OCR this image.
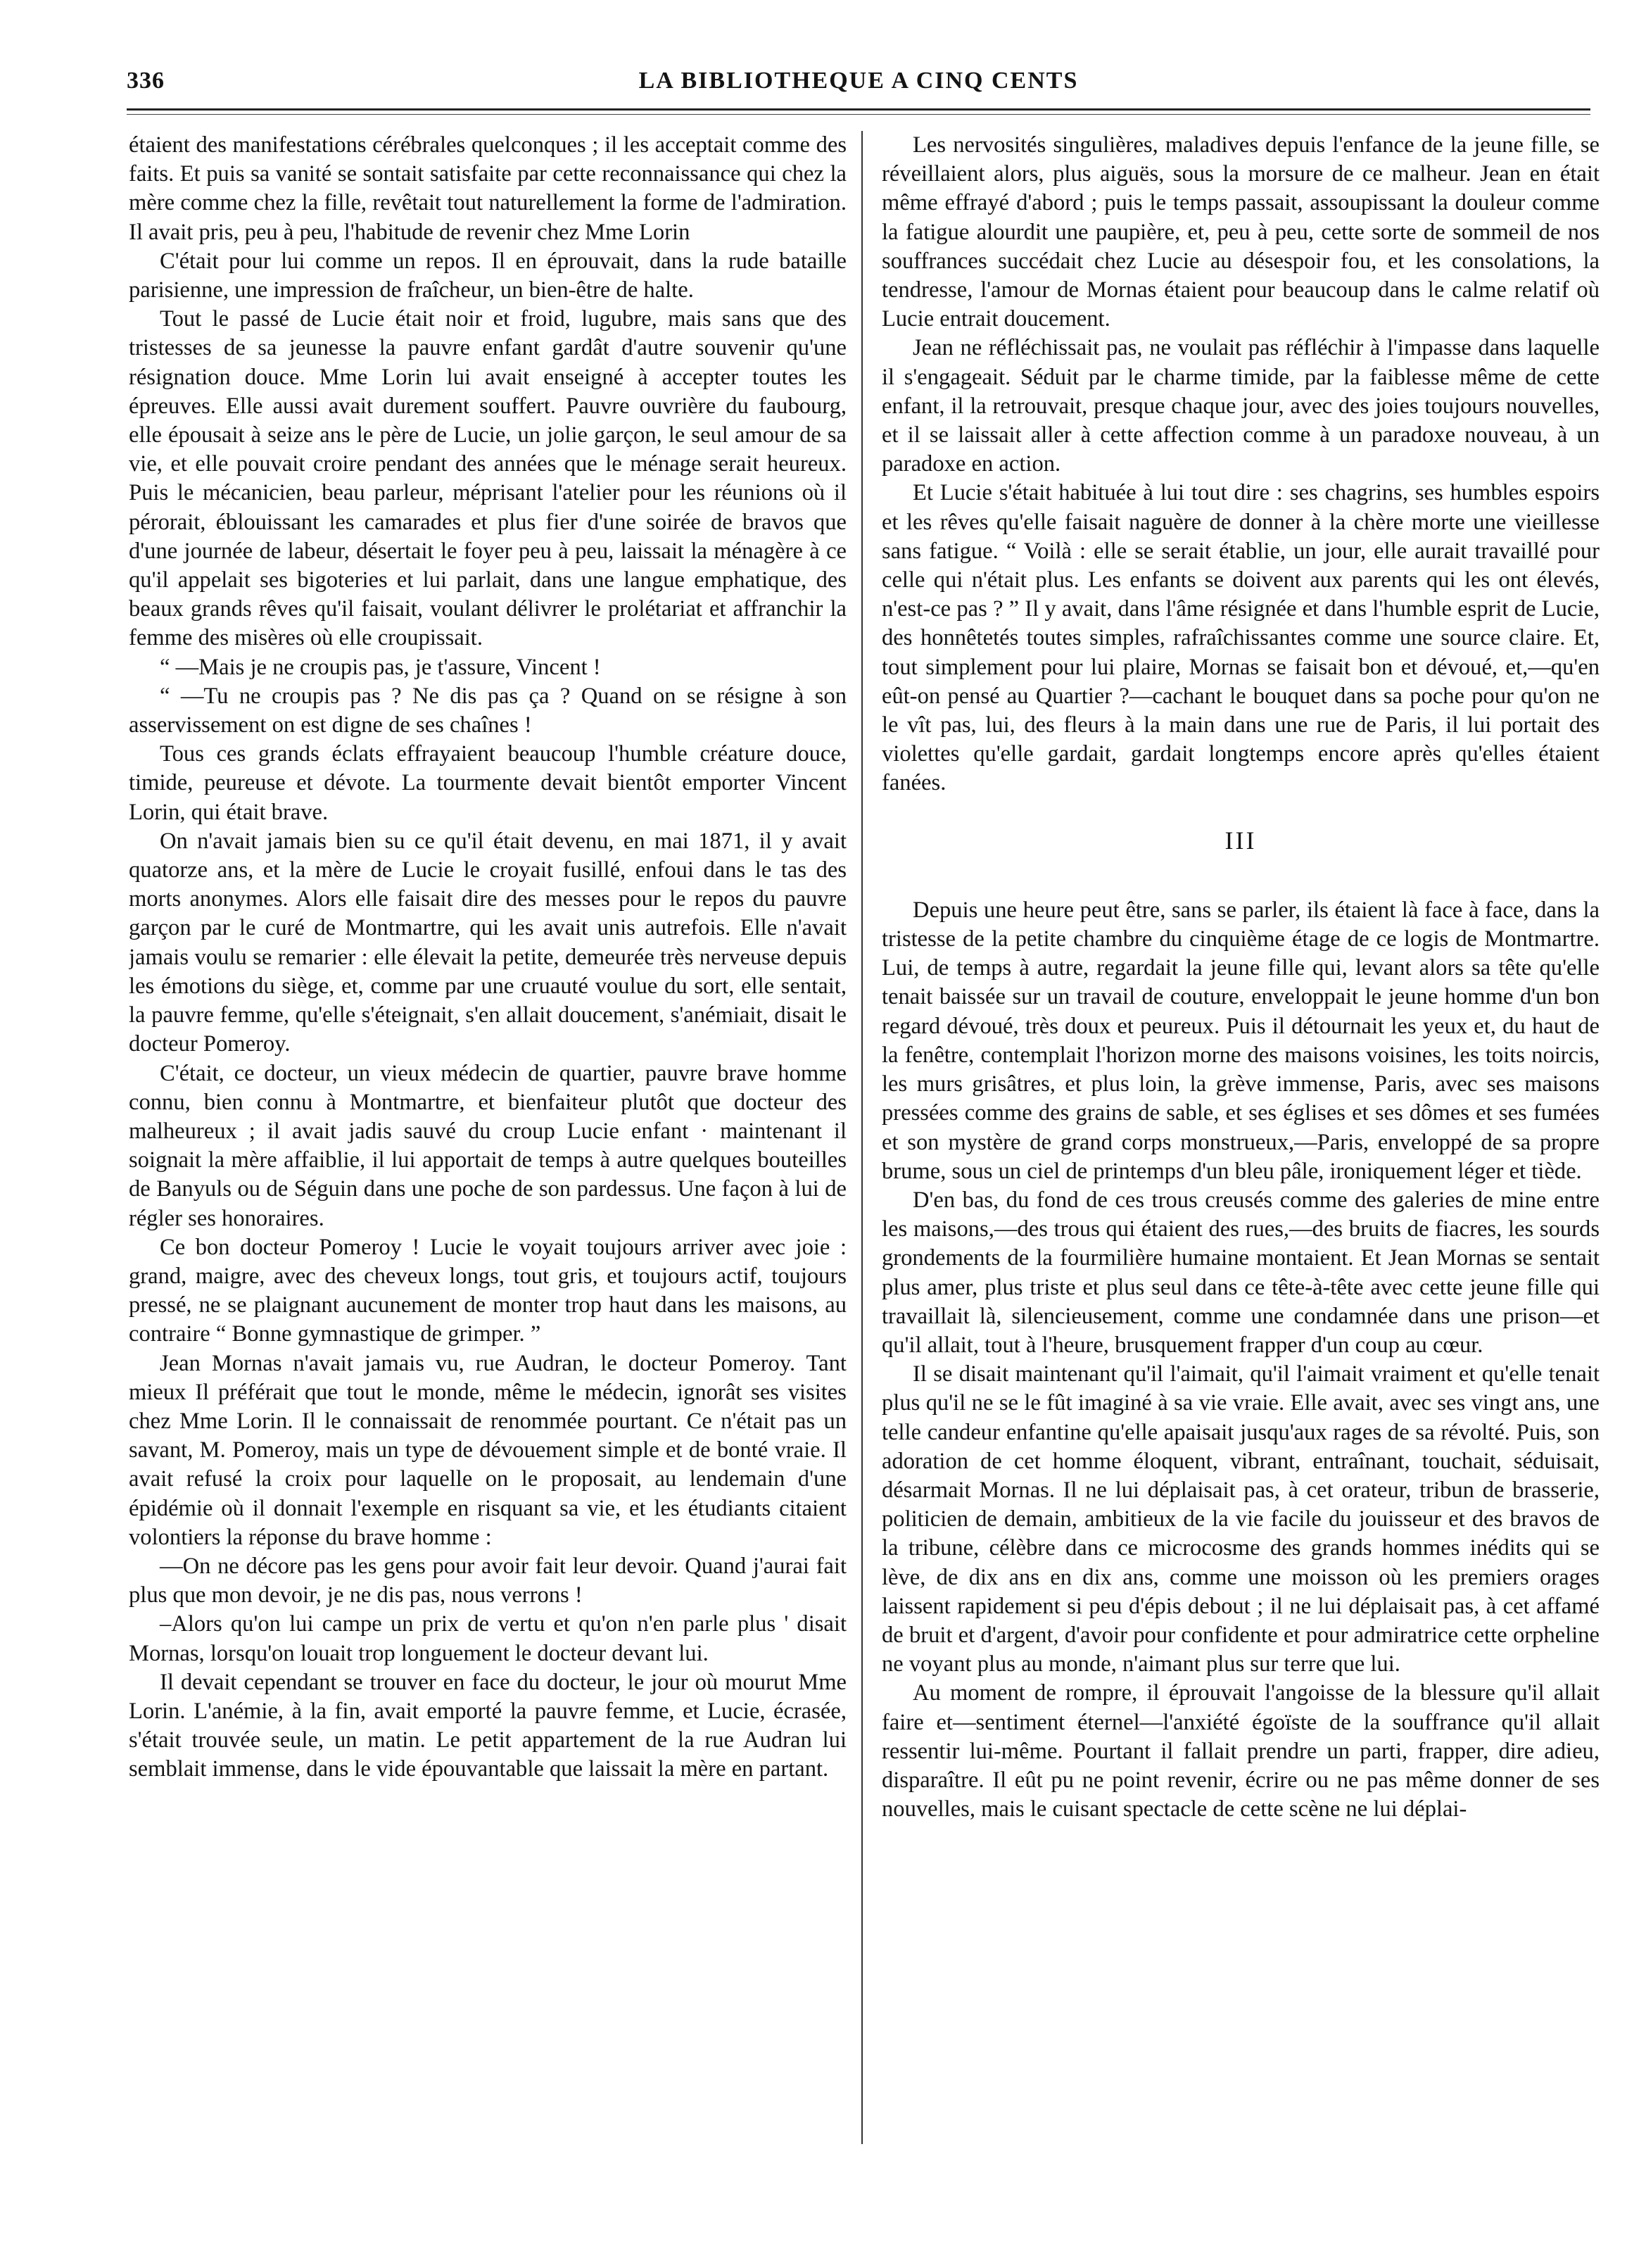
336	LA BIBLIOTHEQUE A CINQ CENTS

étaient des manifestations cérébrales quelconques ; il les acceptait comme des faits. Et puis sa vanité se sontait satisfaite par cette reconnaissance qui chez la mère comme chez la fille, revêtait tout naturellement la forme de l'admiration. Il avait pris, peu à peu, l'habitude de revenir chez Mme Lorin

C'était pour lui comme un repos. Il en éprouvait, dans la rude bataille parisienne, une impression de fraîcheur, un bien-être de halte.

Tout le passé de Lucie était noir et froid, lugubre, mais sans que des tristesses de sa jeunesse la pauvre enfant gardât d'autre souvenir qu'une résignation douce. Mme Lorin lui avait enseigné à accepter toutes les épreuves. Elle aussi avait durement souffert. Pauvre ouvrière du faubourg, elle épousait à seize ans le père de Lucie, un jolie garçon, le seul amour de sa vie, et elle pouvait croire pendant des années que le ménage serait heureux. Puis le mécanicien, beau parleur, méprisant l'atelier pour les réunions où il pérorait, éblouissant les camarades et plus fier d'une soirée de bravos que d'une journée de labeur, désertait le foyer peu à peu, laissait la ménagère à ce qu'il appelait ses bigoteries et lui parlait, dans une langue emphatique, des beaux grands rêves qu'il faisait, voulant délivrer le prolétariat et affranchir la femme des misères où elle croupissait.

“ —Mais je ne croupis pas, je t'assure, Vincent !

“ —Tu ne croupis pas ? Ne dis pas ça ? Quand on se résigne à son asservissement on est digne de ses chaînes !

Tous ces grands éclats effrayaient beaucoup l'humble créature douce, timide, peureuse et dévote. La tourmente devait bientôt emporter Vincent Lorin, qui était brave.

On n'avait jamais bien su ce qu'il était devenu, en mai 1871, il y avait quatorze ans, et la mère de Lucie le croyait fusillé, enfoui dans le tas des morts anonymes. Alors elle faisait dire des messes pour le repos du pauvre garçon par le curé de Montmartre, qui les avait unis autrefois. Elle n'avait jamais voulu se remarier : elle élevait la petite, demeurée très nerveuse depuis les émotions du siège, et, comme par une cruauté voulue du sort, elle sentait, la pauvre femme, qu'elle s'éteignait, s'en allait doucement, s'anémiait, disait le docteur Pomeroy.

C'était, ce docteur, un vieux médecin de quartier, pauvre brave homme connu, bien connu à Montmartre, et bienfaiteur plutôt que docteur des malheureux ; il avait jadis sauvé du croup Lucie enfant · maintenant il soignait la mère affaiblie, il lui apportait de temps à autre quelques bouteilles de Banyuls ou de Séguin dans une poche de son pardessus. Une façon à lui de régler ses honoraires.

Ce bon docteur Pomeroy ! Lucie le voyait toujours arriver avec joie : grand, maigre, avec des cheveux longs, tout gris, et toujours actif, toujours pressé, ne se plaignant aucunement de monter trop haut dans les maisons, au contraire “ Bonne gymnastique de grimper. ”

Jean Mornas n'avait jamais vu, rue Audran, le docteur Pomeroy. Tant mieux Il préférait que tout le monde, même le médecin, ignorât ses visites chez Mme Lorin. Il le connaissait de renommée pourtant. Ce n'était pas un savant, M. Pomeroy, mais un type de dévouement simple et de bonté vraie. Il avait refusé la croix pour laquelle on le proposait, au lendemain d'une épidémie où il donnait l'exemple en risquant sa vie, et les étudiants citaient volontiers la réponse du brave homme :

—On ne décore pas les gens pour avoir fait leur devoir. Quand j'aurai fait plus que mon devoir, je ne dis pas, nous verrons !

–Alors qu'on lui campe un prix de vertu et qu'on n'en parle plus ' disait Mornas, lorsqu'on louait trop longuement le docteur devant lui.

Il devait cependant se trouver en face du docteur, le jour où mourut Mme Lorin. L'anémie, à la fin, avait emporté la pauvre femme, et Lucie, écrasée, s'était trouvée seule, un matin. Le petit appartement de la rue Audran lui semblait immense, dans le vide épouvantable que laissait la mère en partant.

Les nervosités singulières, maladives depuis l'enfance de la jeune fille, se réveillaient alors, plus aiguës, sous la morsure de ce malheur. Jean en était même effrayé d'abord ; puis le temps passait, assoupissant la douleur comme la fatigue alourdit une paupière, et, peu à peu, cette sorte de sommeil de nos souffrances succédait chez Lucie au désespoir fou, et les consolations, la tendresse, l'amour de Mornas étaient pour beaucoup dans le calme relatif où Lucie entrait doucement.

Jean ne réfléchissait pas, ne voulait pas réfléchir à l'impasse dans laquelle il s'engageait. Séduit par le charme timide, par la faiblesse même de cette enfant, il la retrouvait, presque chaque jour, avec des joies toujours nouvelles, et il se laissait aller à cette affection comme à un paradoxe nouveau, à un paradoxe en action.

Et Lucie s'était habituée à lui tout dire : ses chagrins, ses humbles espoirs et les rêves qu'elle faisait naguère de donner à la chère morte une vieillesse sans fatigue. “ Voilà : elle se serait établie, un jour, elle aurait travaillé pour celle qui n'était plus. Les enfants se doivent aux parents qui les ont élevés, n'est-ce pas ? ” Il y avait, dans l'âme résignée et dans l'humble esprit de Lucie, des honnêtetés toutes simples, rafraîchissantes comme une source claire. Et, tout simplement pour lui plaire, Mornas se faisait bon et dévoué, et,—qu'en eût-on pensé au Quartier ?—cachant le bouquet dans sa poche pour qu'on ne le vît pas, lui, des fleurs à la main dans une rue de Paris, il lui portait des violettes qu'elle gardait, gardait longtemps encore après qu'elles étaient fanées.

III

Depuis une heure peut être, sans se parler, ils étaient là face à face, dans la tristesse de la petite chambre du cinquième étage de ce logis de Montmartre. Lui, de temps à autre, regardait la jeune fille qui, levant alors sa tête qu'elle tenait baissée sur un travail de couture, enveloppait le jeune homme d'un bon regard dévoué, très doux et peureux. Puis il détournait les yeux et, du haut de la fenêtre, contemplait l'horizon morne des maisons voisines, les toits noircis, les murs grisâtres, et plus loin, la grève immense, Paris, avec ses maisons pressées comme des grains de sable, et ses églises et ses dômes et ses fumées et son mystère de grand corps monstrueux,—Paris, enveloppé de sa propre brume, sous un ciel de printemps d'un bleu pâle, ironiquement léger et tiède.

D'en bas, du fond de ces trous creusés comme des galeries de mine entre les maisons,—des trous qui étaient des rues,—des bruits de fiacres, les sourds grondements de la fourmilière humaine montaient. Et Jean Mornas se sentait plus amer, plus triste et plus seul dans ce tête-à-tête avec cette jeune fille qui travaillait là, silencieusement, comme une condamnée dans une prison—et qu'il allait, tout à l'heure, brusquement frapper d'un coup au cœur.

Il se disait maintenant qu'il l'aimait, qu'il l'aimait vraiment et qu'elle tenait plus qu'il ne se le fût imaginé à sa vie vraie. Elle avait, avec ses vingt ans, une telle candeur enfantine qu'elle apaisait jusqu'aux rages de sa révolté. Puis, son adoration de cet homme éloquent, vibrant, entraînant, touchait, séduisait, désarmait Mornas. Il ne lui déplaisait pas, à cet orateur, tribun de brasserie, politicien de demain, ambitieux de la vie facile du jouisseur et des bravos de la tribune, célèbre dans ce microcosme des grands hommes inédits qui se lève, de dix ans en dix ans, comme une moisson où les premiers orages laissent rapidement si peu d'épis debout ; il ne lui déplaisait pas, à cet affamé de bruit et d'argent, d'avoir pour confidente et pour admiratrice cette orpheline ne voyant plus au monde, n'aimant plus sur terre que lui.

Au moment de rompre, il éprouvait l'angoisse de la blessure qu'il allait faire et—sentiment éternel—l'anxiété égoïste de la souffrance qu'il allait ressentir lui-même. Pourtant il fallait prendre un parti, frapper, dire adieu, disparaître. Il eût pu ne point revenir, écrire ou ne pas même donner de ses nouvelles, mais le cuisant spectacle de cette scène ne lui déplai-
